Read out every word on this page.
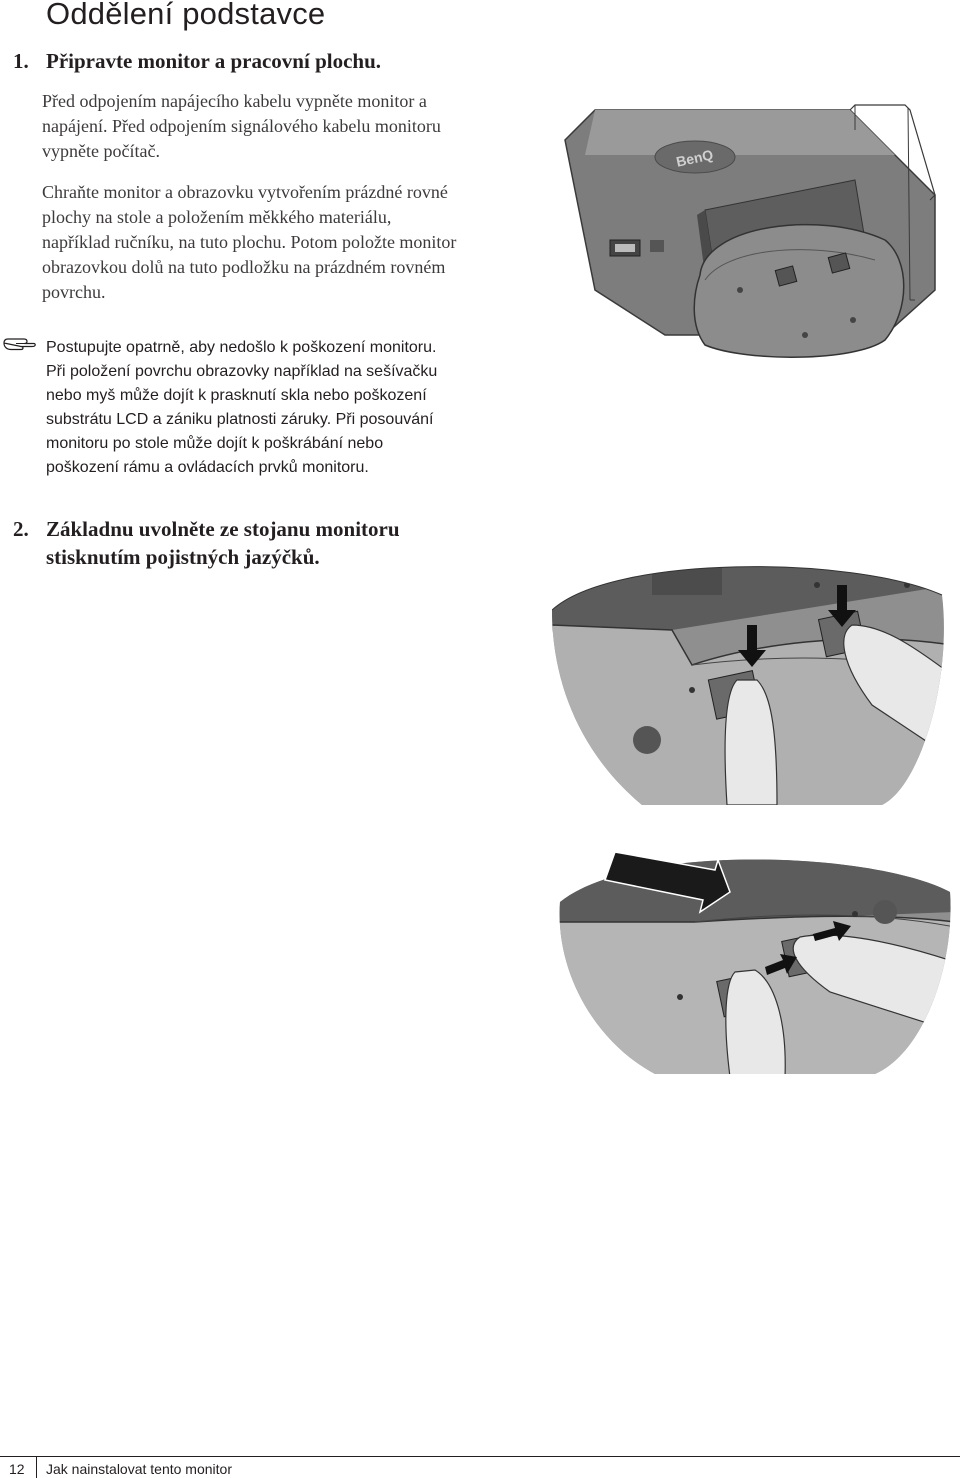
Oddělení podstavce
1. Připravte monitor a pracovní plochu.
Před odpojením napájecího kabelu vypněte monitor a
napájení. Před odpojením signálového kabelu monitoru
vypněte počítač.
Chraňte monitor a obrazovku vytvořením prázdné rovné
plochy na stole a položením měkkého materiálu,
například ručníku, na tuto plochu. Potom položte monitor
obrazovkou dolů na tuto podložku na prázdném rovném
povrchu.
Postupujte opatrně, aby nedošlo k poškození monitoru.
Při položení povrchu obrazovky například na sešívačku
nebo myš může dojít k prasknutí skla nebo poškození
substrátu LCD a zániku platnosti záruky. Při posouvání
monitoru po stole může dojít k poškrábání nebo
poškození rámu a ovládacích prvků monitoru.
2. Základnu uvolněte ze stojanu monitoru
stisknutím pojistných jazýčků.
BenQ
12 Jak nainstalovat tento monitor
